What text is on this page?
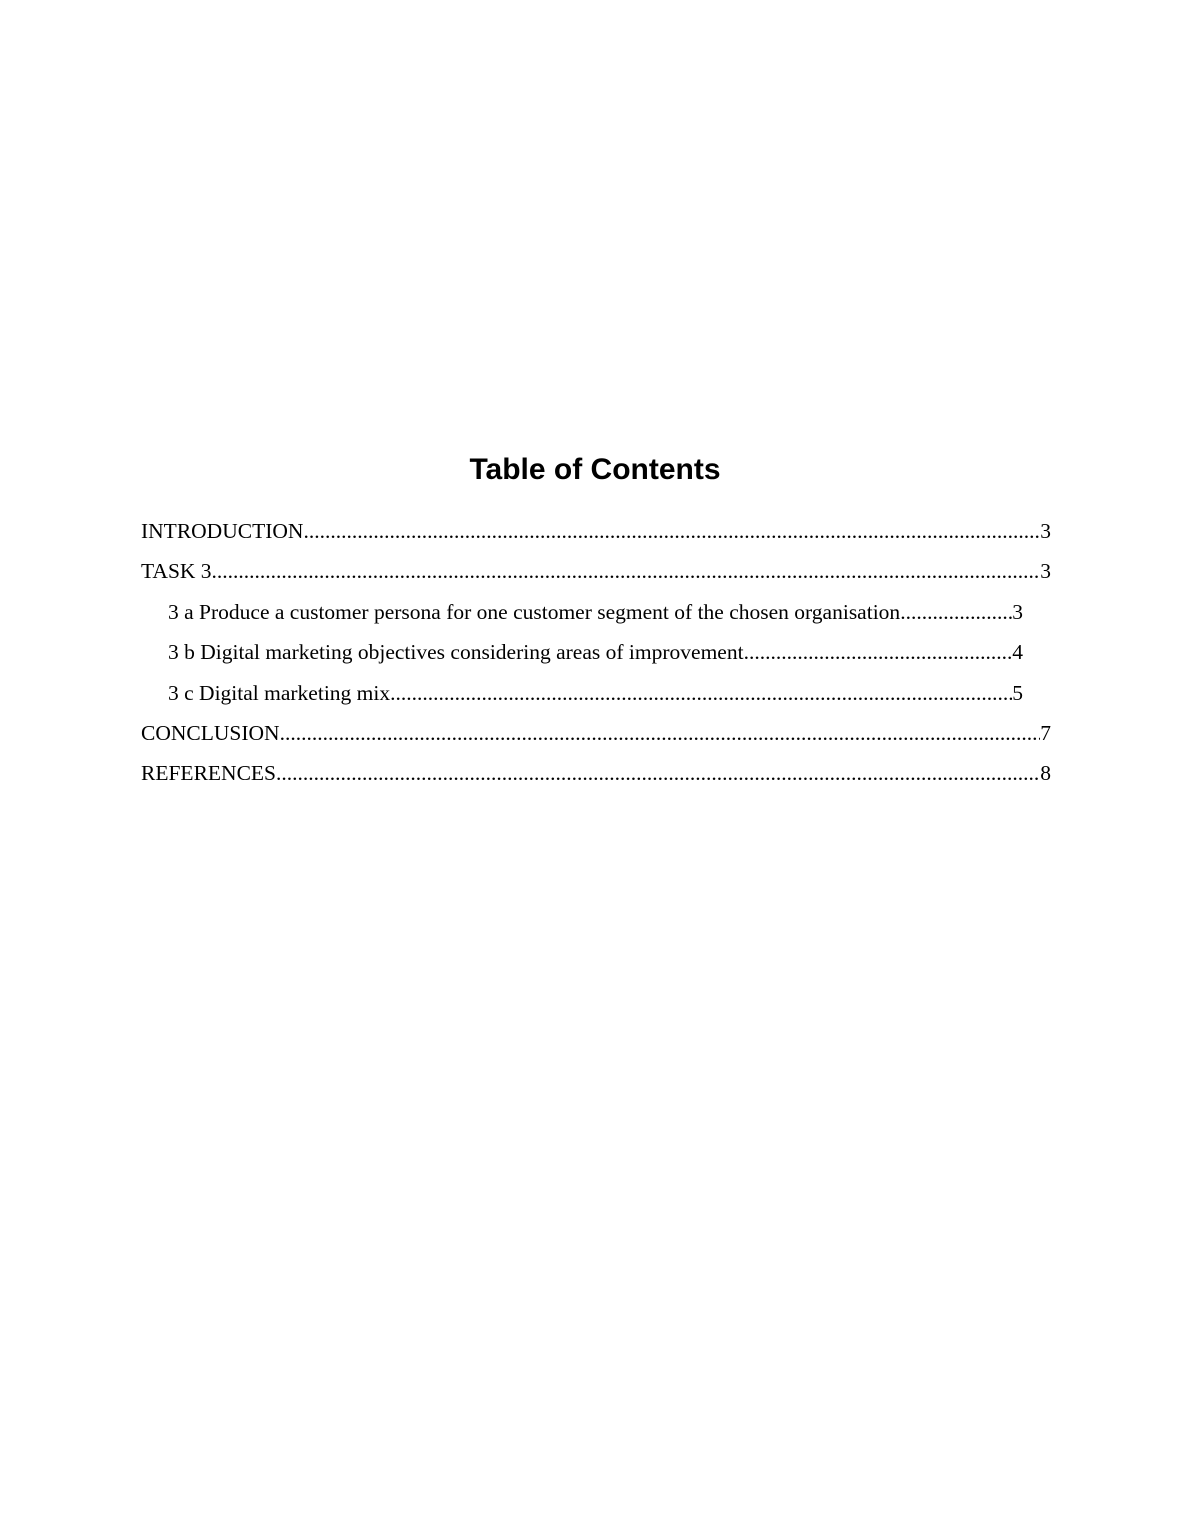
Table of Contents
INTRODUCTION .....	3
TASK 3 .....	3
3 a Produce a customer persona for one customer segment of the chosen organisation .....	3
3 b Digital marketing objectives considering areas of improvement .....	4
3 c Digital marketing mix .....	5
CONCLUSION .....	7
REFERENCES .....	8
